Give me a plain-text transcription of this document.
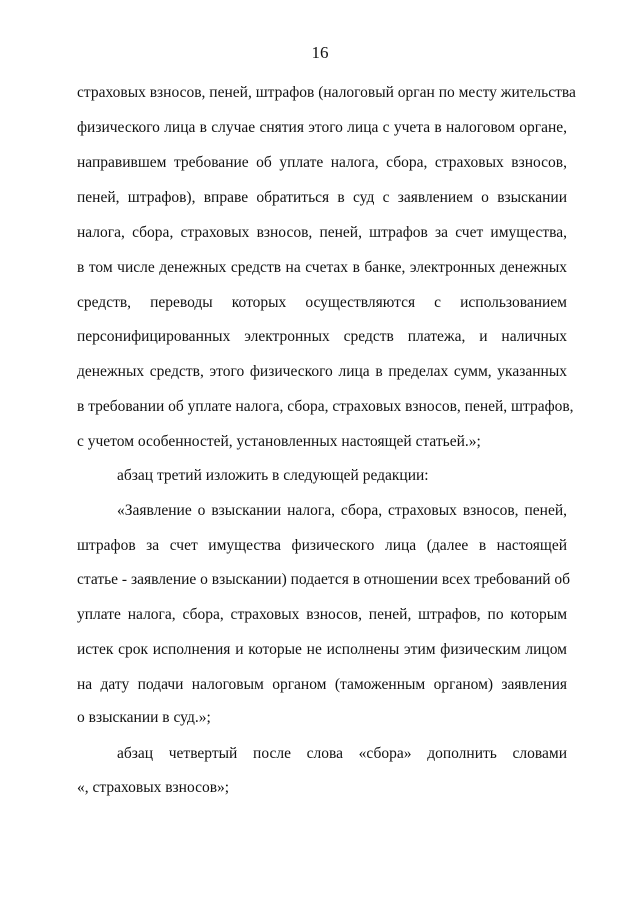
16
страховых взносов, пеней, штрафов (налоговый орган по месту жительства
физического лица в случае снятия этого лица с учета в налоговом органе,
направившем требование об уплате налога, сбора, страховых взносов,
пеней, штрафов), вправе обратиться в суд с заявлением о взыскании
налога, сбора, страховых взносов, пеней, штрафов за счет имущества,
в том числе денежных средств на счетах в банке, электронных денежных
средств, переводы которых осуществляются с использованием
персонифицированных электронных средств платежа, и наличных
денежных средств, этого физического лица в пределах сумм, указанных
в требовании об уплате налога, сбора, страховых взносов, пеней, штрафов,
с учетом особенностей, установленных настоящей статьей.»;
абзац третий изложить в следующей редакции:
«Заявление о взыскании налога, сбора, страховых взносов, пеней,
штрафов за счет имущества физического лица (далее в настоящей
статье - заявление о взыскании) подается в отношении всех требований об
уплате налога, сбора, страховых взносов, пеней, штрафов, по которым
истек срок исполнения и которые не исполнены этим физическим лицом
на дату подачи налоговым органом (таможенным органом) заявления
о взыскании в суд.»;
абзац четвертый после слова «сбора» дополнить словами
«, страховых взносов»;
